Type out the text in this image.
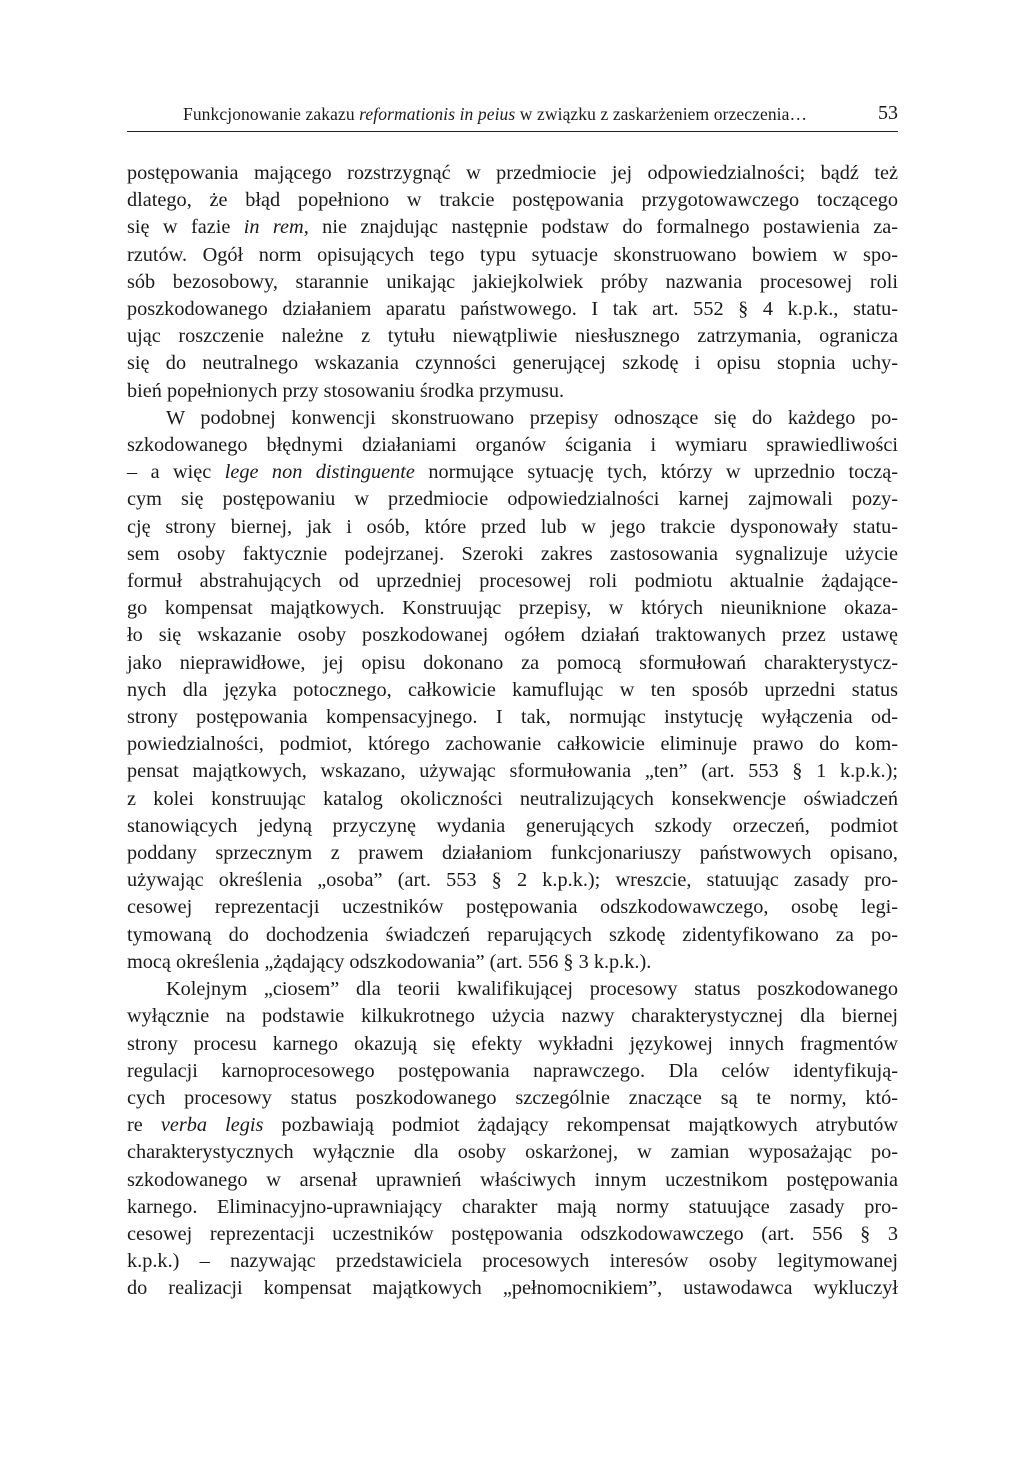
Funkcjonowanie zakazu reformationis in peius w związku z zaskarżeniem orzeczenia…	53
postępowania mającego rozstrzygnąć w przedmiocie jej odpowiedzialności; bądź też
dlatego, że błąd popełniono w trakcie postępowania przygotowawczego toczącego
się w fazie in rem, nie znajdując następnie podstaw do formalnego postawienia za-
rzutów. Ogół norm opisujących tego typu sytuacje skonstruowano bowiem w spo-
sób bezosobowy, starannie unikając jakiejkolwiek próby nazwania procesowej roli
poszkodowanego działaniem aparatu państwowego. I tak art. 552 § 4 k.p.k., statu-
ując roszczenie należne z tytułu niewątpliwie niesłusznego zatrzymania, ogranicza
się do neutralnego wskazania czynności generującej szkodę i opisu stopnia uchy-
bień popełnionych przy stosowaniu środka przymusu.
W podobnej konwencji skonstruowano przepisy odnoszące się do każdego po-
szkodowanego błędnymi działaniami organów ścigania i wymiaru sprawiedliwości
– a więc lege non distinguente normujące sytuację tych, którzy w uprzednio toczą-
cym się postępowaniu w przedmiocie odpowiedzialności karnej zajmowali pozy-
cję strony biernej, jak i osób, które przed lub w jego trakcie dysponowały statu-
sem osoby faktycznie podejrzanej. Szeroki zakres zastosowania sygnalizuje użycie
formuł abstrahujących od uprzedniej procesowej roli podmiotu aktualnie żądające-
go kompensat majątkowych. Konstruując przepisy, w których nieuniknione okaza-
ło się wskazanie osoby poszkodowanej ogółem działań traktowanych przez ustawę
jako nieprawidłowe, jej opisu dokonano za pomocą sformułowań charakterystycz-
nych dla języka potocznego, całkowicie kamuflując w ten sposób uprzedni status
strony postępowania kompensacyjnego. I tak, normując instytucję wyłączenia od-
powiedzialności, podmiot, którego zachowanie całkowicie eliminuje prawo do kom-
pensat majątkowych, wskazano, używając sformułowania „ten” (art. 553 § 1 k.p.k.);
z kolei konstruując katalog okoliczności neutralizujących konsekwencje oświadczeń
stanowiących jedyną przyczynę wydania generujących szkody orzeczeń, podmiot
poddany sprzecznym z prawem działaniom funkcjonariuszy państwowych opisano,
używając określenia „osoba” (art. 553 § 2 k.p.k.); wreszcie, statuując zasady pro-
cesowej reprezentacji uczestników postępowania odszkodowawczego, osobę legi-
tymowaną do dochodzenia świadczeń reparujących szkodę zidentyfikowano za po-
mocą określenia „żądający odszkodowania” (art. 556 § 3 k.p.k.).
Kolejnym „ciosem” dla teorii kwalifikującej procesowy status poszkodowanego
wyłącznie na podstawie kilkukrotnego użycia nazwy charakterystycznej dla biernej
strony procesu karnego okazują się efekty wykładni językowej innych fragmentów
regulacji karnoprocesowego postępowania naprawczego. Dla celów identyfikują-
cych procesowy status poszkodowanego szczególnie znaczące są te normy, któ-
re verba legis pozbawiają podmiot żądający rekompensat majątkowych atrybutów
charakterystycznych wyłącznie dla osoby oskarżonej, w zamian wyposażając po-
szkodowanego w arsenał uprawnień właściwych innym uczestnikom postępowania
karnego. Eliminacyjno-uprawniający charakter mają normy statuujące zasady pro-
cesowej reprezentacji uczestników postępowania odszkodowawczego (art. 556 § 3
k.p.k.) – nazywając przedstawiciela procesowych interesów osoby legitymowanej
do realizacji kompensat majątkowych „pełnomocnikiem”, ustawodawca wykluczył
